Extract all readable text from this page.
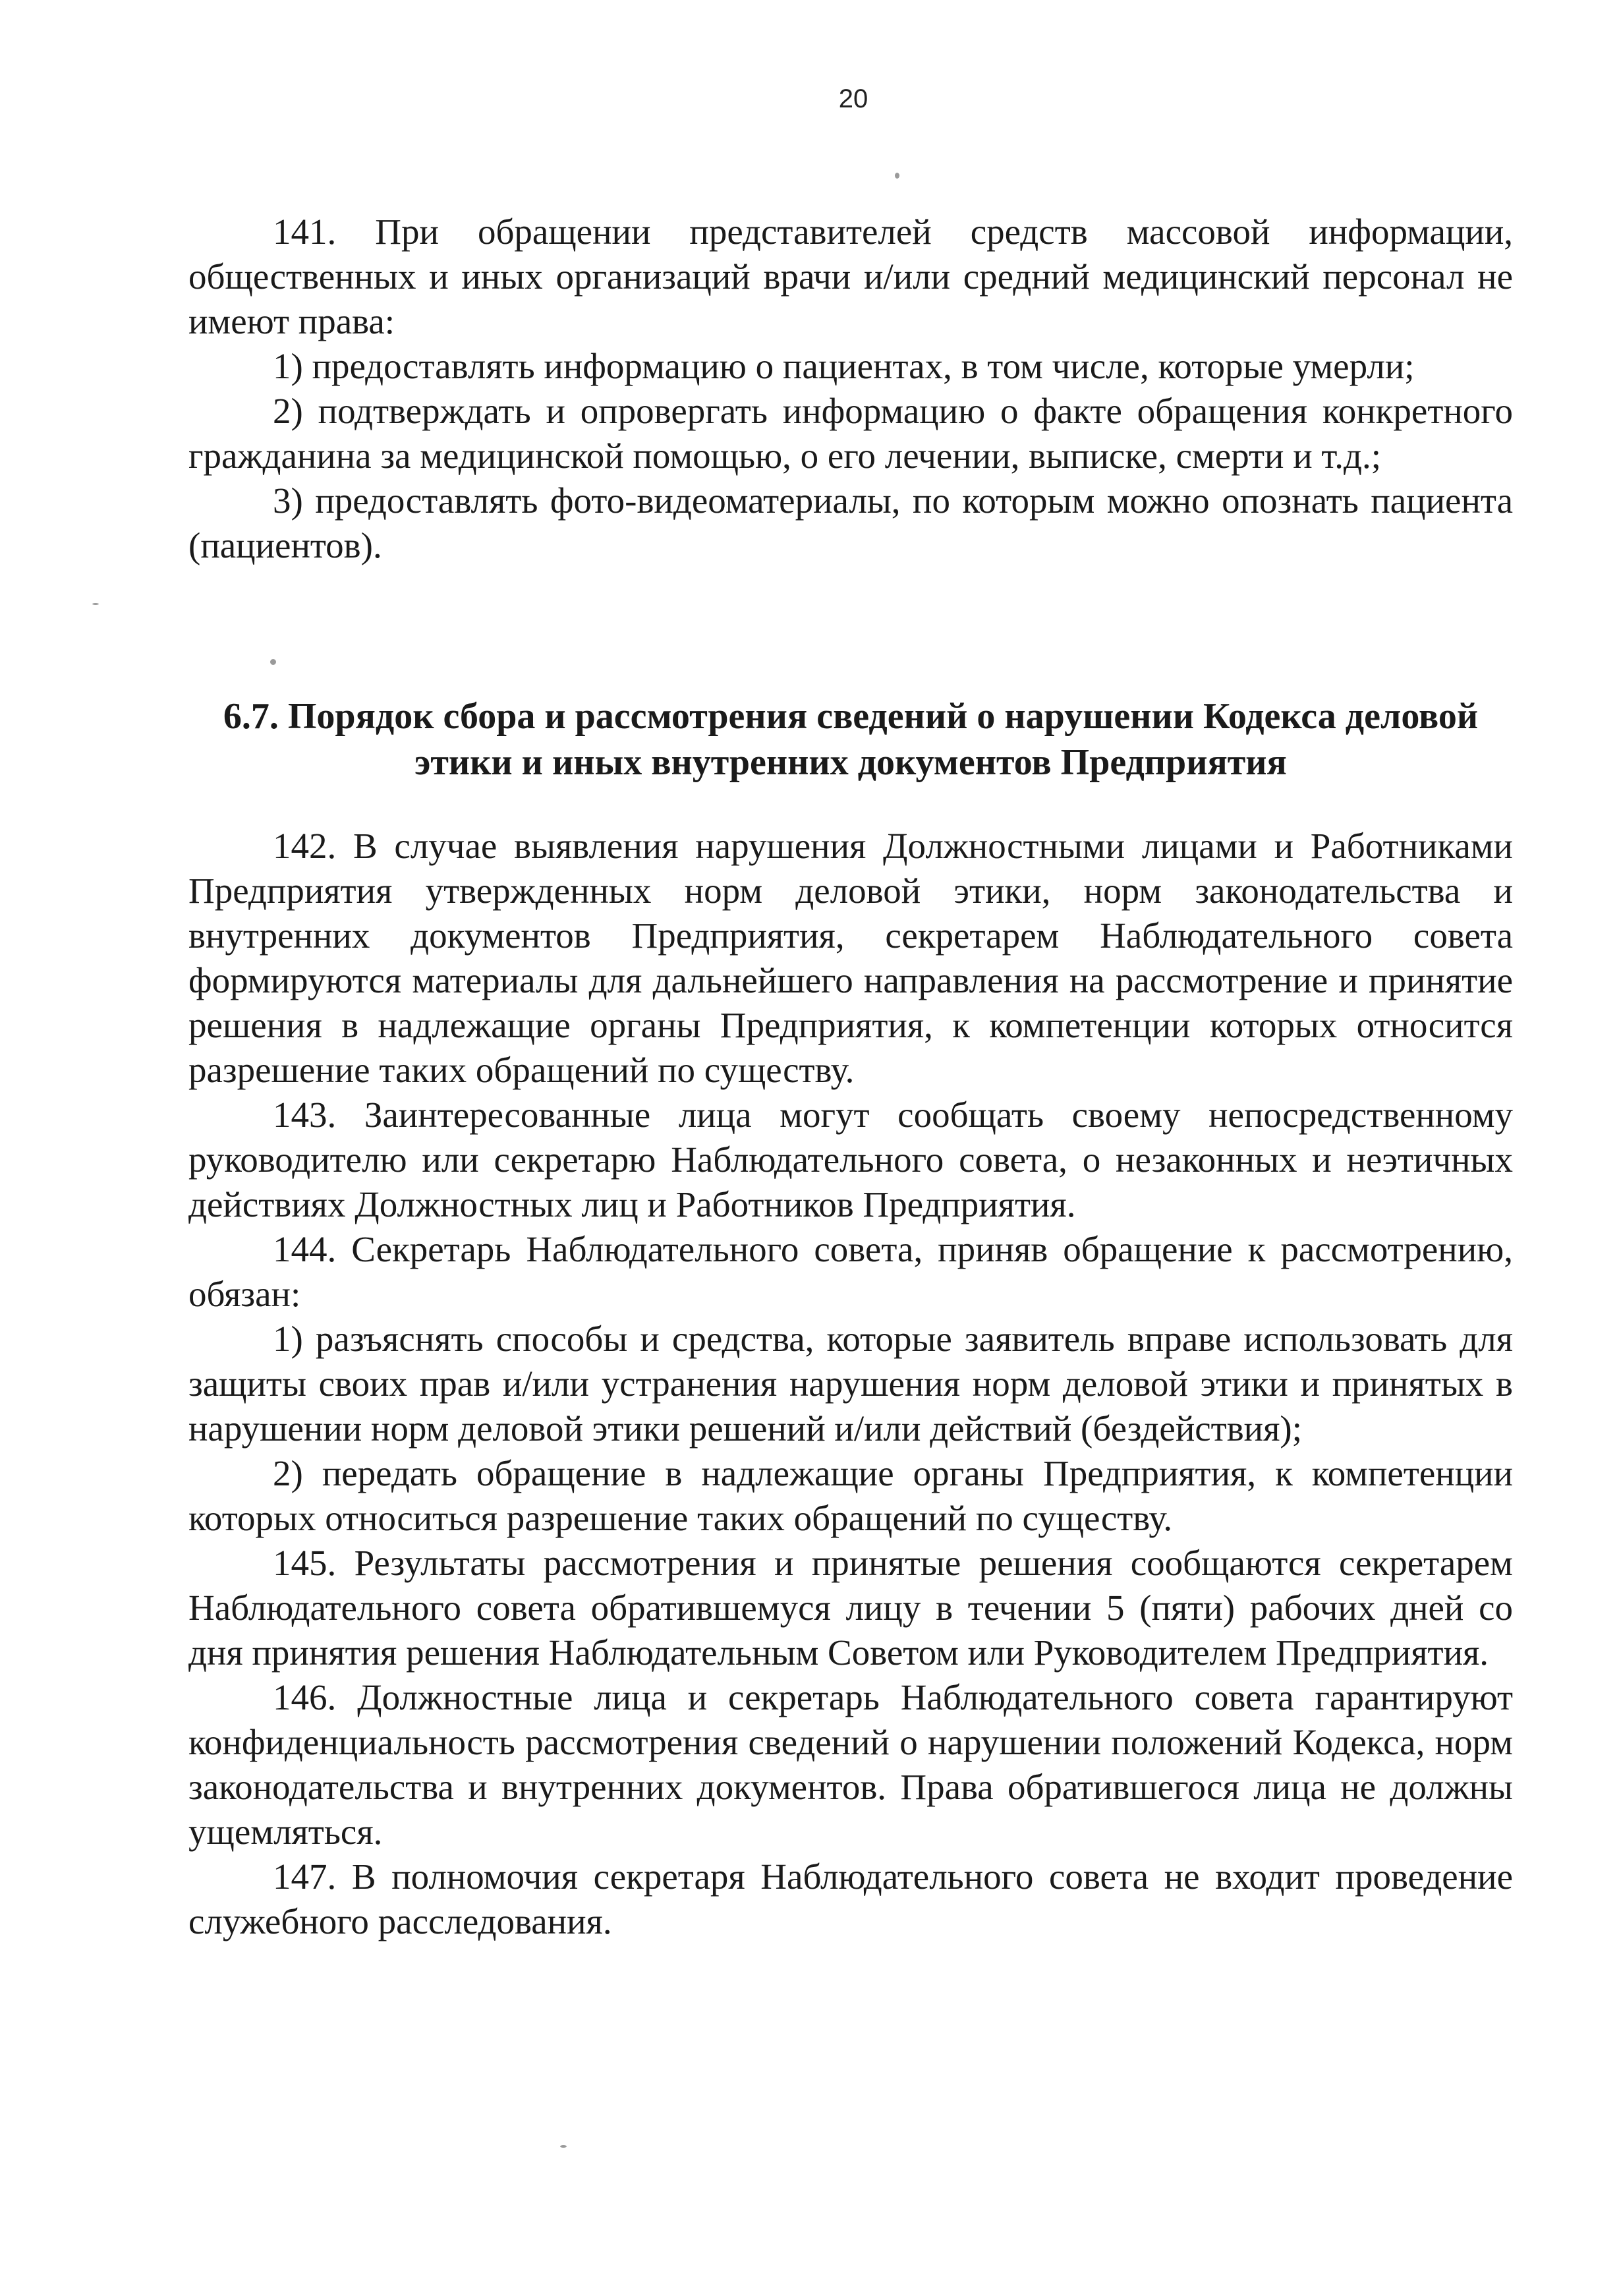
20

141. При обращении представителей средств массовой информации, общественных и иных организаций врачи и/или средний медицинский персонал не имеют права:

1) предоставлять информацию о пациентах, в том числе, которые умерли;

2) подтверждать и опровергать информацию о факте обращения конкретного гражданина за медицинской помощью, о его лечении, выписке, смерти и т.д.;

3) предоставлять фото-видеоматериалы, по которым можно опознать пациента (пациентов).

6.7. Порядок сбора и рассмотрения сведений о нарушении Кодекса деловой этики и иных внутренних документов Предприятия

142. В случае выявления нарушения Должностными лицами и Работниками Предприятия утвержденных норм деловой этики, норм законодательства и внутренних документов Предприятия, секретарем Наблюдательного совета формируются материалы для дальнейшего направления на рассмотрение и принятие решения в надлежащие органы Предприятия, к компетенции которых относится разрешение таких обращений по существу.

143. Заинтересованные лица могут сообщать своему непосредственному руководителю или секретарю Наблюдательного совета, о незаконных и неэтичных действиях Должностных лиц и Работников Предприятия.

144. Секретарь Наблюдательного совета, приняв обращение к рассмотрению, обязан:

1) разъяснять способы и средства, которые заявитель вправе использовать для защиты своих прав и/или устранения нарушения норм деловой этики и принятых в нарушении норм деловой этики решений и/или действий (бездействия);

2) передать обращение в надлежащие органы Предприятия, к компетенции которых относиться разрешение таких обращений по существу.

145. Результаты рассмотрения и принятые решения сообщаются секретарем Наблюдательного совета обратившемуся лицу в течении 5 (пяти) рабочих дней со дня принятия решения Наблюдательным Советом или Руководителем Предприятия.

146. Должностные лица и секретарь Наблюдательного совета гарантируют конфиденциальность рассмотрения сведений о нарушении положений Кодекса, норм законодательства и внутренних документов. Права обратившегося лица не должны ущемляться.

147. В полномочия секретаря Наблюдательного совета не входит проведение служебного расследования.
